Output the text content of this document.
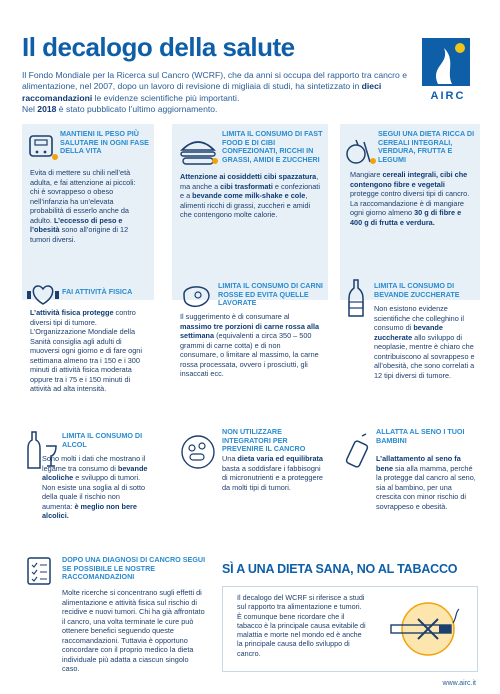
Il decalogo della salute
AIRC
Il Fondo Mondiale per la Ricerca sul Cancro (WCRF), che da anni si occupa del rapporto tra cancro e alimentazione, nel 2007, dopo un lavoro di revisione di migliaia di studi, ha sintetizzato in dieci raccomandazioni le evidenze scientifiche più importanti.
Nel 2018 è stato pubblicato l’ultimo aggiornamento.
MANTIENI IL PESO PIÙ SALUTARE IN OGNI FASE DELLA VITA
Evita di mettere su chili nell’età adulta, e fai attenzione ai piccoli: chi è sovrappeso o obeso nell’infanzia ha un’elevata probabilità di esserlo anche da adulto. L’eccesso di peso e l’obesità sono all’origine di 12 tumori diversi.
LIMITA IL CONSUMO DI FAST FOOD E DI CIBI CONFEZIONATI, RICCHI IN GRASSI, AMIDI E ZUCCHERI
Attenzione ai cosiddetti cibi spazzatura, ma anche a cibi trasformati e confezionati e a bevande come milk-shake e cole, alimenti ricchi di grassi, zuccheri e amidi che contengono molte calorie.
SEGUI UNA DIETA RICCA DI CEREALI INTEGRALI, VERDURA, FRUTTA E LEGUMI
Mangiare cereali integrali, cibi che contengono fibre e vegetali protegge contro diversi tipi di cancro. La raccomandazione è di mangiare ogni giorno almeno 30 g di fibre e 400 g di frutta e verdura.
FAI ATTIVITÀ FISICA
L’attività fisica protegge contro diversi tipi di tumore. L’Organizzazione Mondiale della Sanità consiglia agli adulti di muoversi ogni giorno e di fare ogni settimana almeno tra i 150 e i 300 minuti di attività fisica moderata oppure tra i 75 e i 150 minuti di attività ad alta intensità.
LIMITA IL CONSUMO DI CARNI ROSSE ED EVITA QUELLE LAVORATE
Il suggerimento è di consumare al massimo tre porzioni di carne rossa alla settimana (equivalenti a circa 350 – 500 grammi di carne cotta) e di non consumare, o limitare al massimo, la carne rossa processata, ovvero i prosciutti, gli insaccati ecc.
LIMITA IL CONSUMO DI BEVANDE ZUCCHERATE
Non esistono evidenze scientifiche che colleghino il consumo di bevande zuccherate allo sviluppo di neoplasie, mentre è chiaro che contribuiscono al sovrappeso e all’obesità, che sono correlati a 12 tipi diversi di tumore.
LIMITA IL CONSUMO DI ALCOL
Sono molti i dati che mostrano il legame tra consumo di bevande alcoliche e sviluppo di tumori. Non esiste una soglia al di sotto della quale il rischio non aumenta: è meglio non bere alcolici.
NON UTILIZZARE INTEGRATORI PER PREVENIRE IL CANCRO
Una dieta varia ed equilibrata basta a soddisfare i fabbisogni di micronutrienti e a proteggere da molti tipi di tumori.
ALLATTA AL SENO I TUOI BAMBINI
L’allattamento al seno fa bene sia alla mamma, perché la protegge dal cancro al seno, sia al bambino, per una crescita con minor rischio di sovrappeso e obesità.
DOPO UNA DIAGNOSI DI CANCRO SEGUI SE POSSIBILE LE NOSTRE RACCOMANDAZIONI
Molte ricerche si concentrano sugli effetti di alimentazione e attività fisica sul rischio di recidive e nuovi tumori. Chi ha già affrontato il cancro, una volta terminate le cure può ottenere benefici seguendo queste raccomandazioni. Tuttavia è opportuno concordare con il proprio medico la dieta individuale più adatta a ciascun singolo caso.
SÌ A UNA DIETA SANA, NO AL TABACCO
Il decalogo del WCRF si riferisce a studi sul rapporto tra alimentazione e tumori. È comunque bene ricordare che il tabacco è la principale causa evitabile di malattia e morte nel mondo ed è anche la principale causa dello sviluppo di cancro.
www.airc.it
